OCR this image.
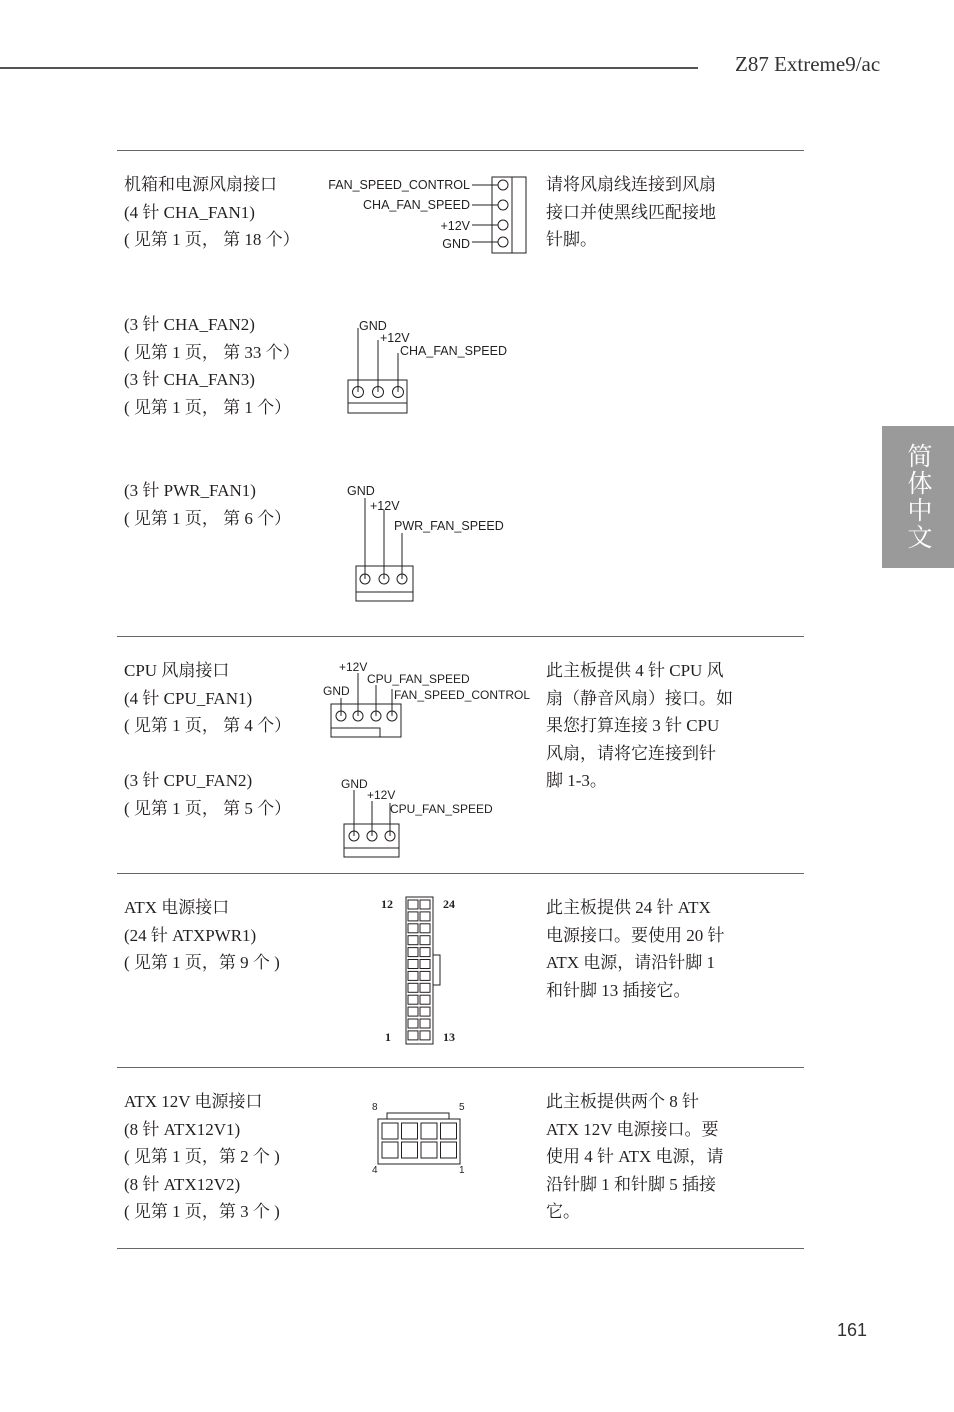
Z87 Extreme9/ac
简体中文
机箱和电源风扇接口
(4 针 CHA_FAN1)
( 见第 1 页， 第 18 个）
请将风扇线连接到风扇
接口并使黑线匹配接地
针脚。
FAN_SPEED_CONTROL
CHA_FAN_SPEED
+12V
GND
(3 针 CHA_FAN2)
( 见第 1 页， 第 33 个）
(3 针 CHA_FAN3)
( 见第 1 页， 第 1 个）
GND
+12V
CHA_FAN_SPEED
(3 针 PWR_FAN1)
( 见第 1 页， 第 6 个）
GND
+12V
PWR_FAN_SPEED
CPU 风扇接口
(4 针 CPU_FAN1)
( 见第 1 页， 第 4 个）
(3 针 CPU_FAN2)
( 见第 1 页， 第 5 个）
此主板提供 4 针 CPU 风
扇（静音风扇）接口。如
果您打算连接 3 针 CPU
风扇，请将它连接到针
脚 1-3。
+12V
CPU_FAN_SPEED
GND	FAN_SPEED_CONTROL
GND
+12V
CPU_FAN_SPEED
ATX 电源接口
(24 针 ATXPWR1)
( 见第 1 页，第 9 个 )
此主板提供 24 针 ATX
电源接口。要使用 20 针
ATX 电源，请沿针脚 1
和针脚 13 插接它。
12	24
1	13
ATX 12V 电源接口
(8 针 ATX12V1)
( 见第 1 页，第 2 个 )
(8 针 ATX12V2)
( 见第 1 页，第 3 个 )
此主板提供两个 8 针
ATX 12V 电源接口。要
使用 4 针 ATX 电源，请
沿针脚 1 和针脚 5 插接
它。
8	5
4	1
161
